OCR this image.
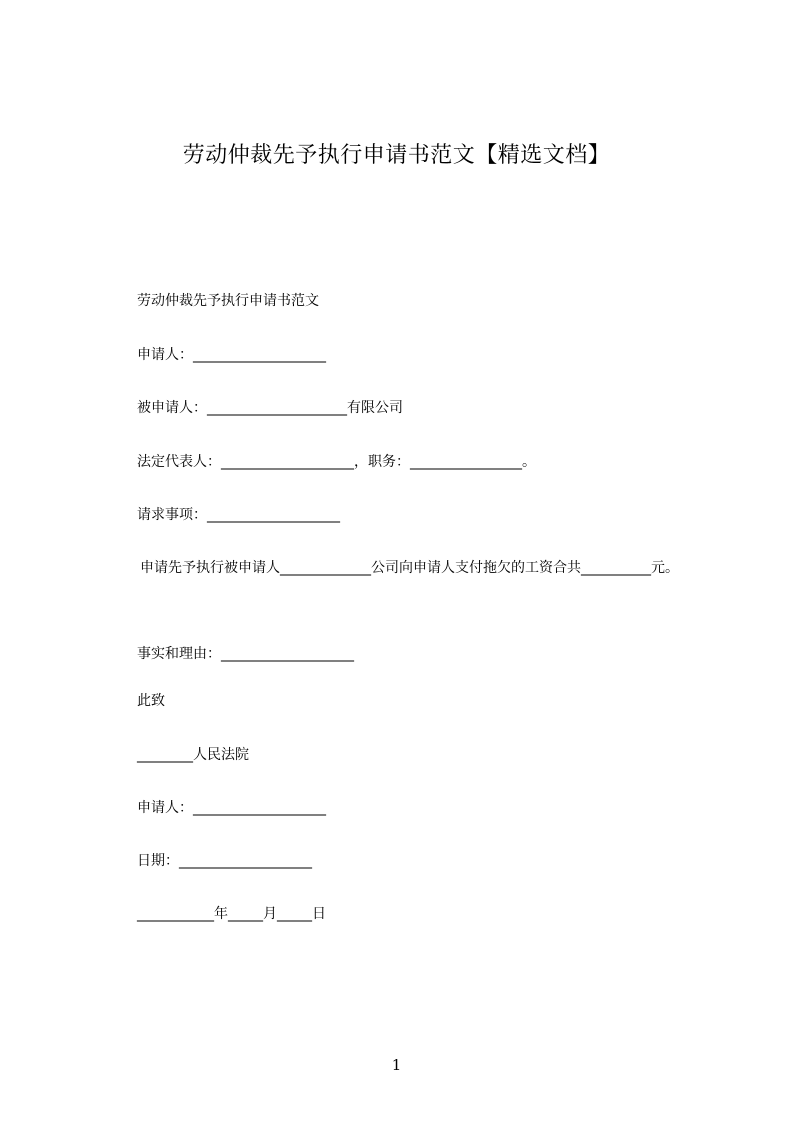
劳动仲裁先予执行申请书范文【精选文档】
劳动仲裁先予执行申请书范文
申请人：___________________
被申请人：____________________有限公司
法定代表人：___________________，职务：________________。
请求事项：___________________
申请先予执行被申请人_____________公司向申请人支付拖欠的工资合共__________元。
事实和理由：___________________
此致
________人民法院
申请人：___________________
日期：___________________
___________年_____月_____日
1
